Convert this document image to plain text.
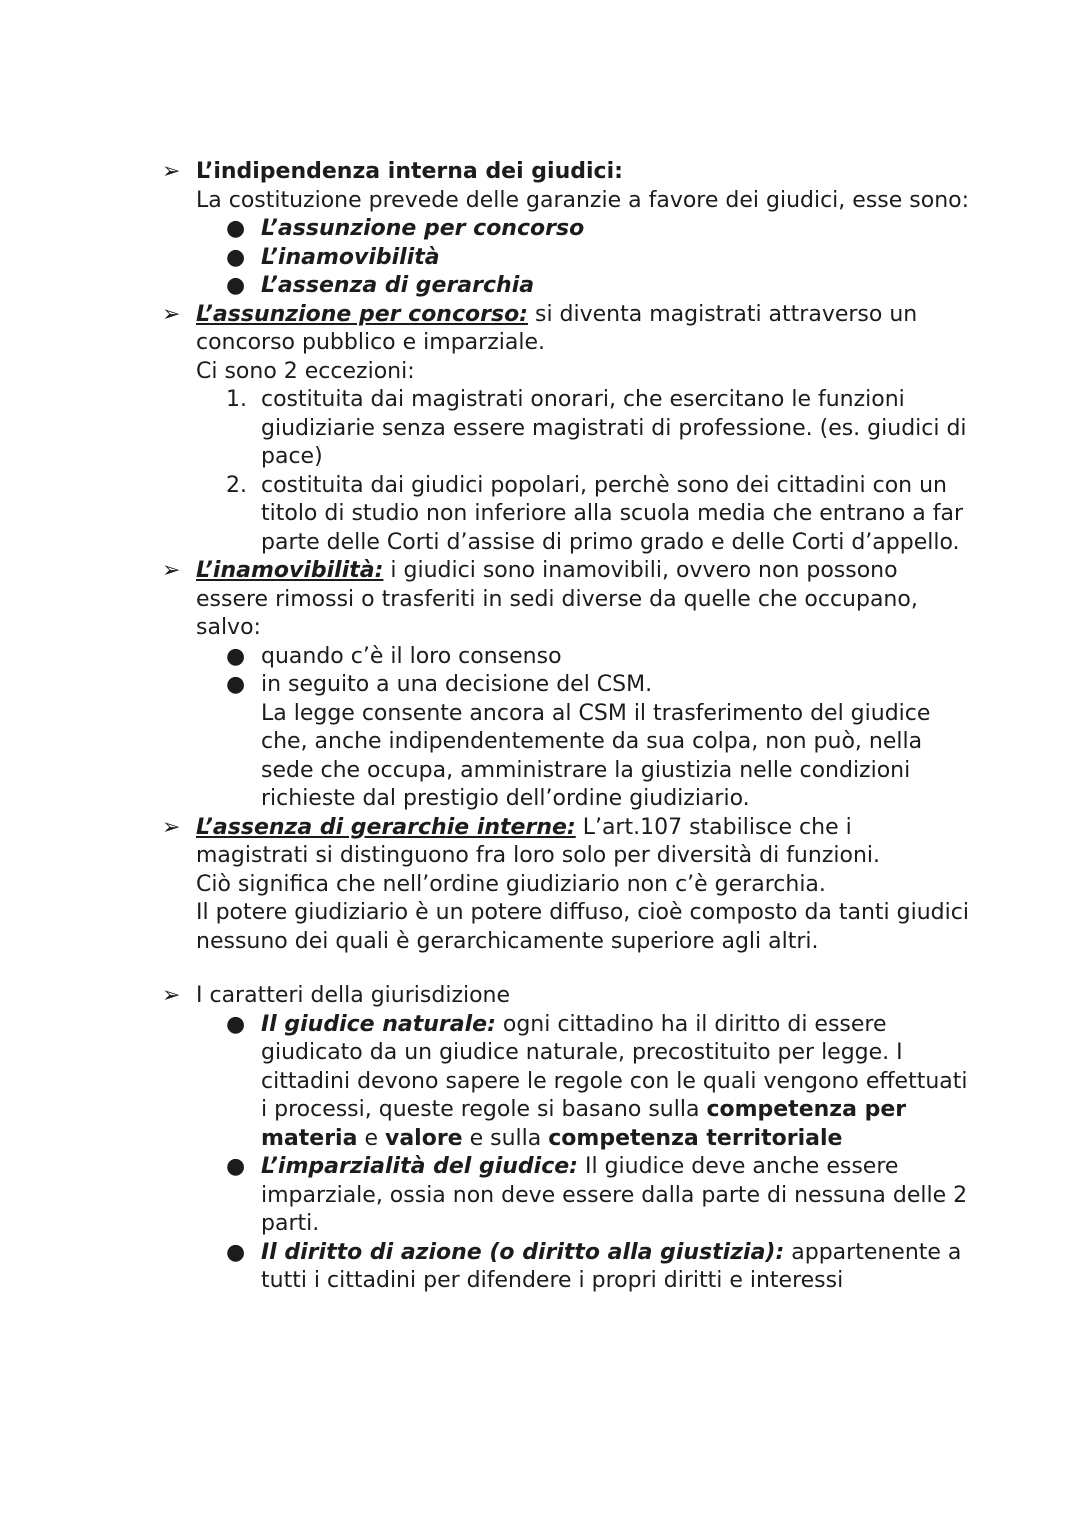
➢ L’indipendenza interna dei giudici:
La costituzione prevede delle garanzie a favore dei giudici, esse sono:
● L’assunzione per concorso
● L’inamovibilità
● L’assenza di gerarchia
➢ L’assunzione per concorso: si diventa magistrati attraverso un concorso pubblico e imparziale.
Ci sono 2 eccezioni:
1. costituita dai magistrati onorari, che esercitano le funzioni giudiziarie senza essere magistrati di professione. (es. giudici di pace)
2. costituita dai giudici popolari, perchè sono dei cittadini con un titolo di studio non inferiore alla scuola media che entrano a far parte delle Corti d’assise di primo grado e delle Corti d’appello.
➢ L’inamovibilità: i giudici sono inamovibili, ovvero non possono essere rimossi o trasferiti in sedi diverse da quelle che occupano, salvo:
● quando c’è il loro consenso
● in seguito a una decisione del CSM.
La legge consente ancora al CSM il trasferimento del giudice che, anche indipendentemente da sua colpa, non può, nella sede che occupa, amministrare la giustizia nelle condizioni richieste dal prestigio dell’ordine giudiziario.
➢ L’assenza di gerarchie interne: L’art.107 stabilisce che i magistrati si distinguono fra loro solo per diversità di funzioni.
Ciò significa che nell’ordine giudiziario non c’è gerarchia.
Il potere giudiziario è un potere diffuso, cioè composto da tanti giudici nessuno dei quali è gerarchicamente superiore agli altri.
➢ I caratteri della giurisdizione
● Il giudice naturale: ogni cittadino ha il diritto di essere giudicato da un giudice naturale, precostituito per legge. I cittadini devono sapere le regole con le quali vengono effettuati i processi, queste regole si basano sulla competenza per materia e valore e sulla competenza territoriale
● L’imparzialità del giudice: Il giudice deve anche essere imparziale, ossia non deve essere dalla parte di nessuna delle 2 parti.
● Il diritto di azione (o diritto alla giustizia): appartenente a tutti i cittadini per difendere i propri diritti e interessi
